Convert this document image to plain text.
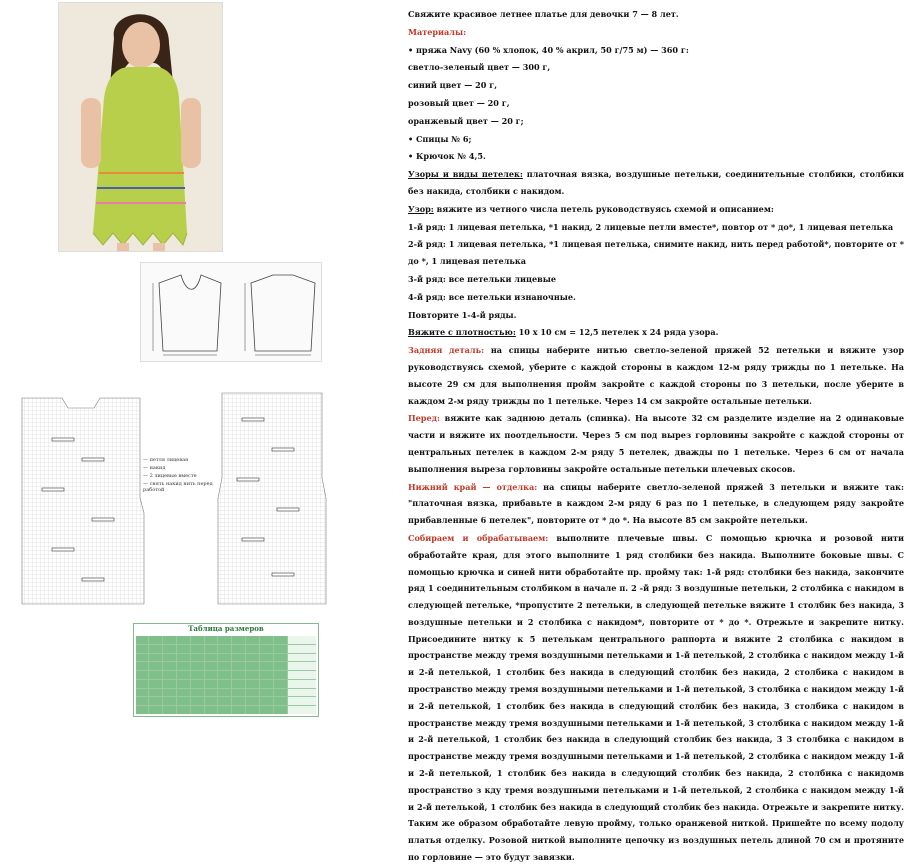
— петля лицевая
— накид
— 2 лицевые вместе
— снять накид нить перед работой
Таблица размеров

Свяжите красивое летнее платье для девочки 7 — 8 лет.

Материалы:

• пряжа Navy (60 % хлопок, 40 % акрил, 50 г/75 м) — 360 г:

светло-зеленый цвет — 300 г,

синий цвет — 20 г,

розовый цвет — 20 г,

оранжевый цвет — 20 г;

• Спицы № 6;

• Крючок № 4,5.

Узоры и виды петелек: платочная вязка, воздушные петельки, соединительные столбики, столбики без накида, столбики с накидом.

Узор: вяжите из четного числа петель руководствуясь схемой и описанием:

1-й ряд: 1 лицевая петелька, *1 накид, 2 лицевые петли вместе*, повтор от * до*, 1 лицевая петелька

2-й ряд: 1 лицевая петелька, *1 лицевая петелька, снимите накид, нить перед работой*, повторите от * до *, 1 лицевая петелька

3-й ряд: все петельки лицевые

4-й ряд: все петельки изнаночные.

Повторите 1-4-й ряды.

Вяжите с плотностью: 10 х 10 см = 12,5 петелек х 24 ряда узора.

Задняя деталь: на спицы наберите нитью светло-зеленой пряжей 52 петельки и вяжите узор руководствуясь схемой, уберите с каждой стороны в каждом 12-м ряду трижды по 1 петельке. На высоте 29 см для выполнения пройм закройте с каждой стороны по 3 петельки, после уберите в каждом 2-м ряду трижды по 1 петельке. Через 14 см закройте остальные петельки.

Перед: вяжите как заднюю деталь (спинка). На высоте 32 см разделите изделие на 2 одинаковые части и вяжите их поотдельности. Через 5 см под вырез горловины закройте с каждой стороны от центральных петелек в каждом 2-м ряду 5 петелек, дважды по 1 петельке. Через 6 см от начала выполнения выреза горловины закройте остальные петельки плечевых скосов.

Нижний край — отделка: на спицы наберите светло-зеленой пряжей 3 петельки и вяжите так: "платочная вязка, прибавьте в каждом 2-м ряду 6 раз по 1 петельке, в следующем ряду закройте прибавленные 6 петелек", повторите от * до *. На высоте 85 см закройте петельки.

Собираем и обрабатываем: выполните плечевые швы. С помощью крючка и розовой нити обработайте края, для этого выполните 1 ряд столбики без накида. Выполните боковые швы. С помощью крючка и синей нити обработайте пр. пройму так: 1-й ряд: столбики без накида, закончите ряд 1 соединительным столбиком в начале п. 2 -й ряд: 3 воздушные петельки, 2 столбика с накидом в следующей петельке, *пропустите 2 петельки, в следующей петельке вяжите 1 столбик без накида, 3 воздушные петельки и 2 столбика с накидом*, повторите от * до *. Отрежьте и закрепите нитку. Присоедините нитку к 5 петелькам центрального раппорта и вяжите 2 столбика с накидом в пространстве между тремя воздушными петельками и 1-й петелькой, 2 столбика с накидом между 1-й и 2-й петелькой, 1 столбик без накида в следующий столбик без накида, 2 столбика с накидом в пространство между тремя воздушными петельками и 1-й петелькой, 3 столбика с накидом между 1-й и 2-й петелькой, 1 столбик без накида в следующий столбик без накида, 3 столбика с накидом в пространстве между тремя воздушными петельками и 1-й петелькой, 3 столбика с накидом между 1-й и 2-й петелькой, 1 столбик без накида в следующий столбик без накида, 3 3 столбика с накидом в пространстве между тремя воздушными петельками и 1-й петелькой, 2 столбика с накидом между 1-й и 2-й петелькой, 1 столбик без накида в следующий столбик без накида, 2 столбика с накидомв пространство з кду тремя воздушными петельками и 1-й петелькой, 2 столбика с накидом между 1-й и 2-й петелькой, 1 столбик без накида в следующий столбик без накида. Отрежьте и закрепите нитку. Таким же образом обработайте левую пройму, только оранжевой ниткой. Пришейте по всему подолу платья отделку. Розовой ниткой выполните цепочку из воздушных петель длиной 70 см и протяните по горловине — это будут завязки.
